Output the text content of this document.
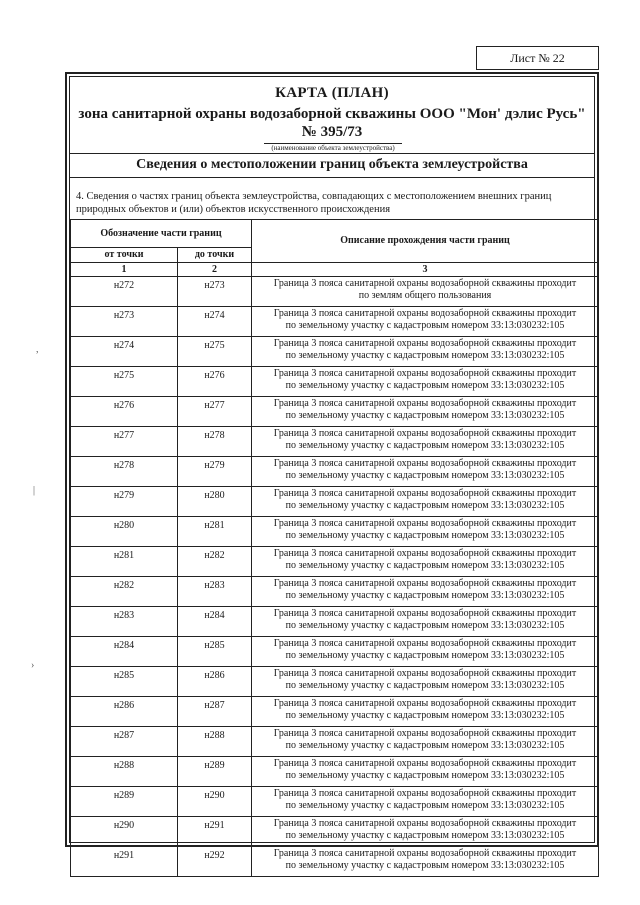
Лист № 22
КАРТА (ПЛАН)
зона санитарной охраны водозаборной скважины ООО "Мон' дэлис Русь" № 395/73
(наименование объекта землеустройства)
Сведения о местоположении границ объекта землеустройства
4. Сведения о частях границ объекта землеустройства, совпадающих с местоположением внешних границ природных объектов и (или) объектов искусственного происхождения
Обозначение части границ		Описание прохождения части границ
от точки	до точки	
1	2	3
н272	н273	Граница 3 пояса санитарной охраны водозаборной скважины проходит
по землям общего пользования

н273	н274	Граница 3 пояса санитарной охраны водозаборной скважины проходит
по земельному участку с кадастровым номером 33:13:030232:105

н274	н275	Граница 3 пояса санитарной охраны водозаборной скважины проходит
по земельному участку с кадастровым номером 33:13:030232:105

н275	н276	Граница 3 пояса санитарной охраны водозаборной скважины проходит
по земельному участку с кадастровым номером 33:13:030232:105

н276	н277	Граница 3 пояса санитарной охраны водозаборной скважины проходит
по земельному участку с кадастровым номером 33:13:030232:105

н277	н278	Граница 3 пояса санитарной охраны водозаборной скважины проходит
по земельному участку с кадастровым номером 33:13:030232:105

н278	н279	Граница 3 пояса санитарной охраны водозаборной скважины проходит
по земельному участку с кадастровым номером 33:13:030232:105

н279	н280	Граница 3 пояса санитарной охраны водозаборной скважины проходит
по земельному участку с кадастровым номером 33:13:030232:105

н280	н281	Граница 3 пояса санитарной охраны водозаборной скважины проходит
по земельному участку с кадастровым номером 33:13:030232:105

н281	н282	Граница 3 пояса санитарной охраны водозаборной скважины проходит
по земельному участку с кадастровым номером 33:13:030232:105

н282	н283	Граница 3 пояса санитарной охраны водозаборной скважины проходит
по земельному участку с кадастровым номером 33:13:030232:105

н283	н284	Граница 3 пояса санитарной охраны водозаборной скважины проходит
по земельному участку с кадастровым номером 33:13:030232:105

н284	н285	Граница 3 пояса санитарной охраны водозаборной скважины проходит
по земельному участку с кадастровым номером 33:13:030232:105

н285	н286	Граница 3 пояса санитарной охраны водозаборной скважины проходит
по земельному участку с кадастровым номером 33:13:030232:105

н286	н287	Граница 3 пояса санитарной охраны водозаборной скважины проходит
по земельному участку с кадастровым номером 33:13:030232:105

н287	н288	Граница 3 пояса санитарной охраны водозаборной скважины проходит
по земельному участку с кадастровым номером 33:13:030232:105

н288	н289	Граница 3 пояса санитарной охраны водозаборной скважины проходит
по земельному участку с кадастровым номером 33:13:030232:105

н289	н290	Граница 3 пояса санитарной охраны водозаборной скважины проходит
по земельному участку с кадастровым номером 33:13:030232:105

н290	н291	Граница 3 пояса санитарной охраны водозаборной скважины проходит
по земельному участку с кадастровым номером 33:13:030232:105

н291	н292	Граница 3 пояса санитарной охраны водозаборной скважины проходит
по земельному участку с кадастровым номером 33:13:030232:105
,
|
›
